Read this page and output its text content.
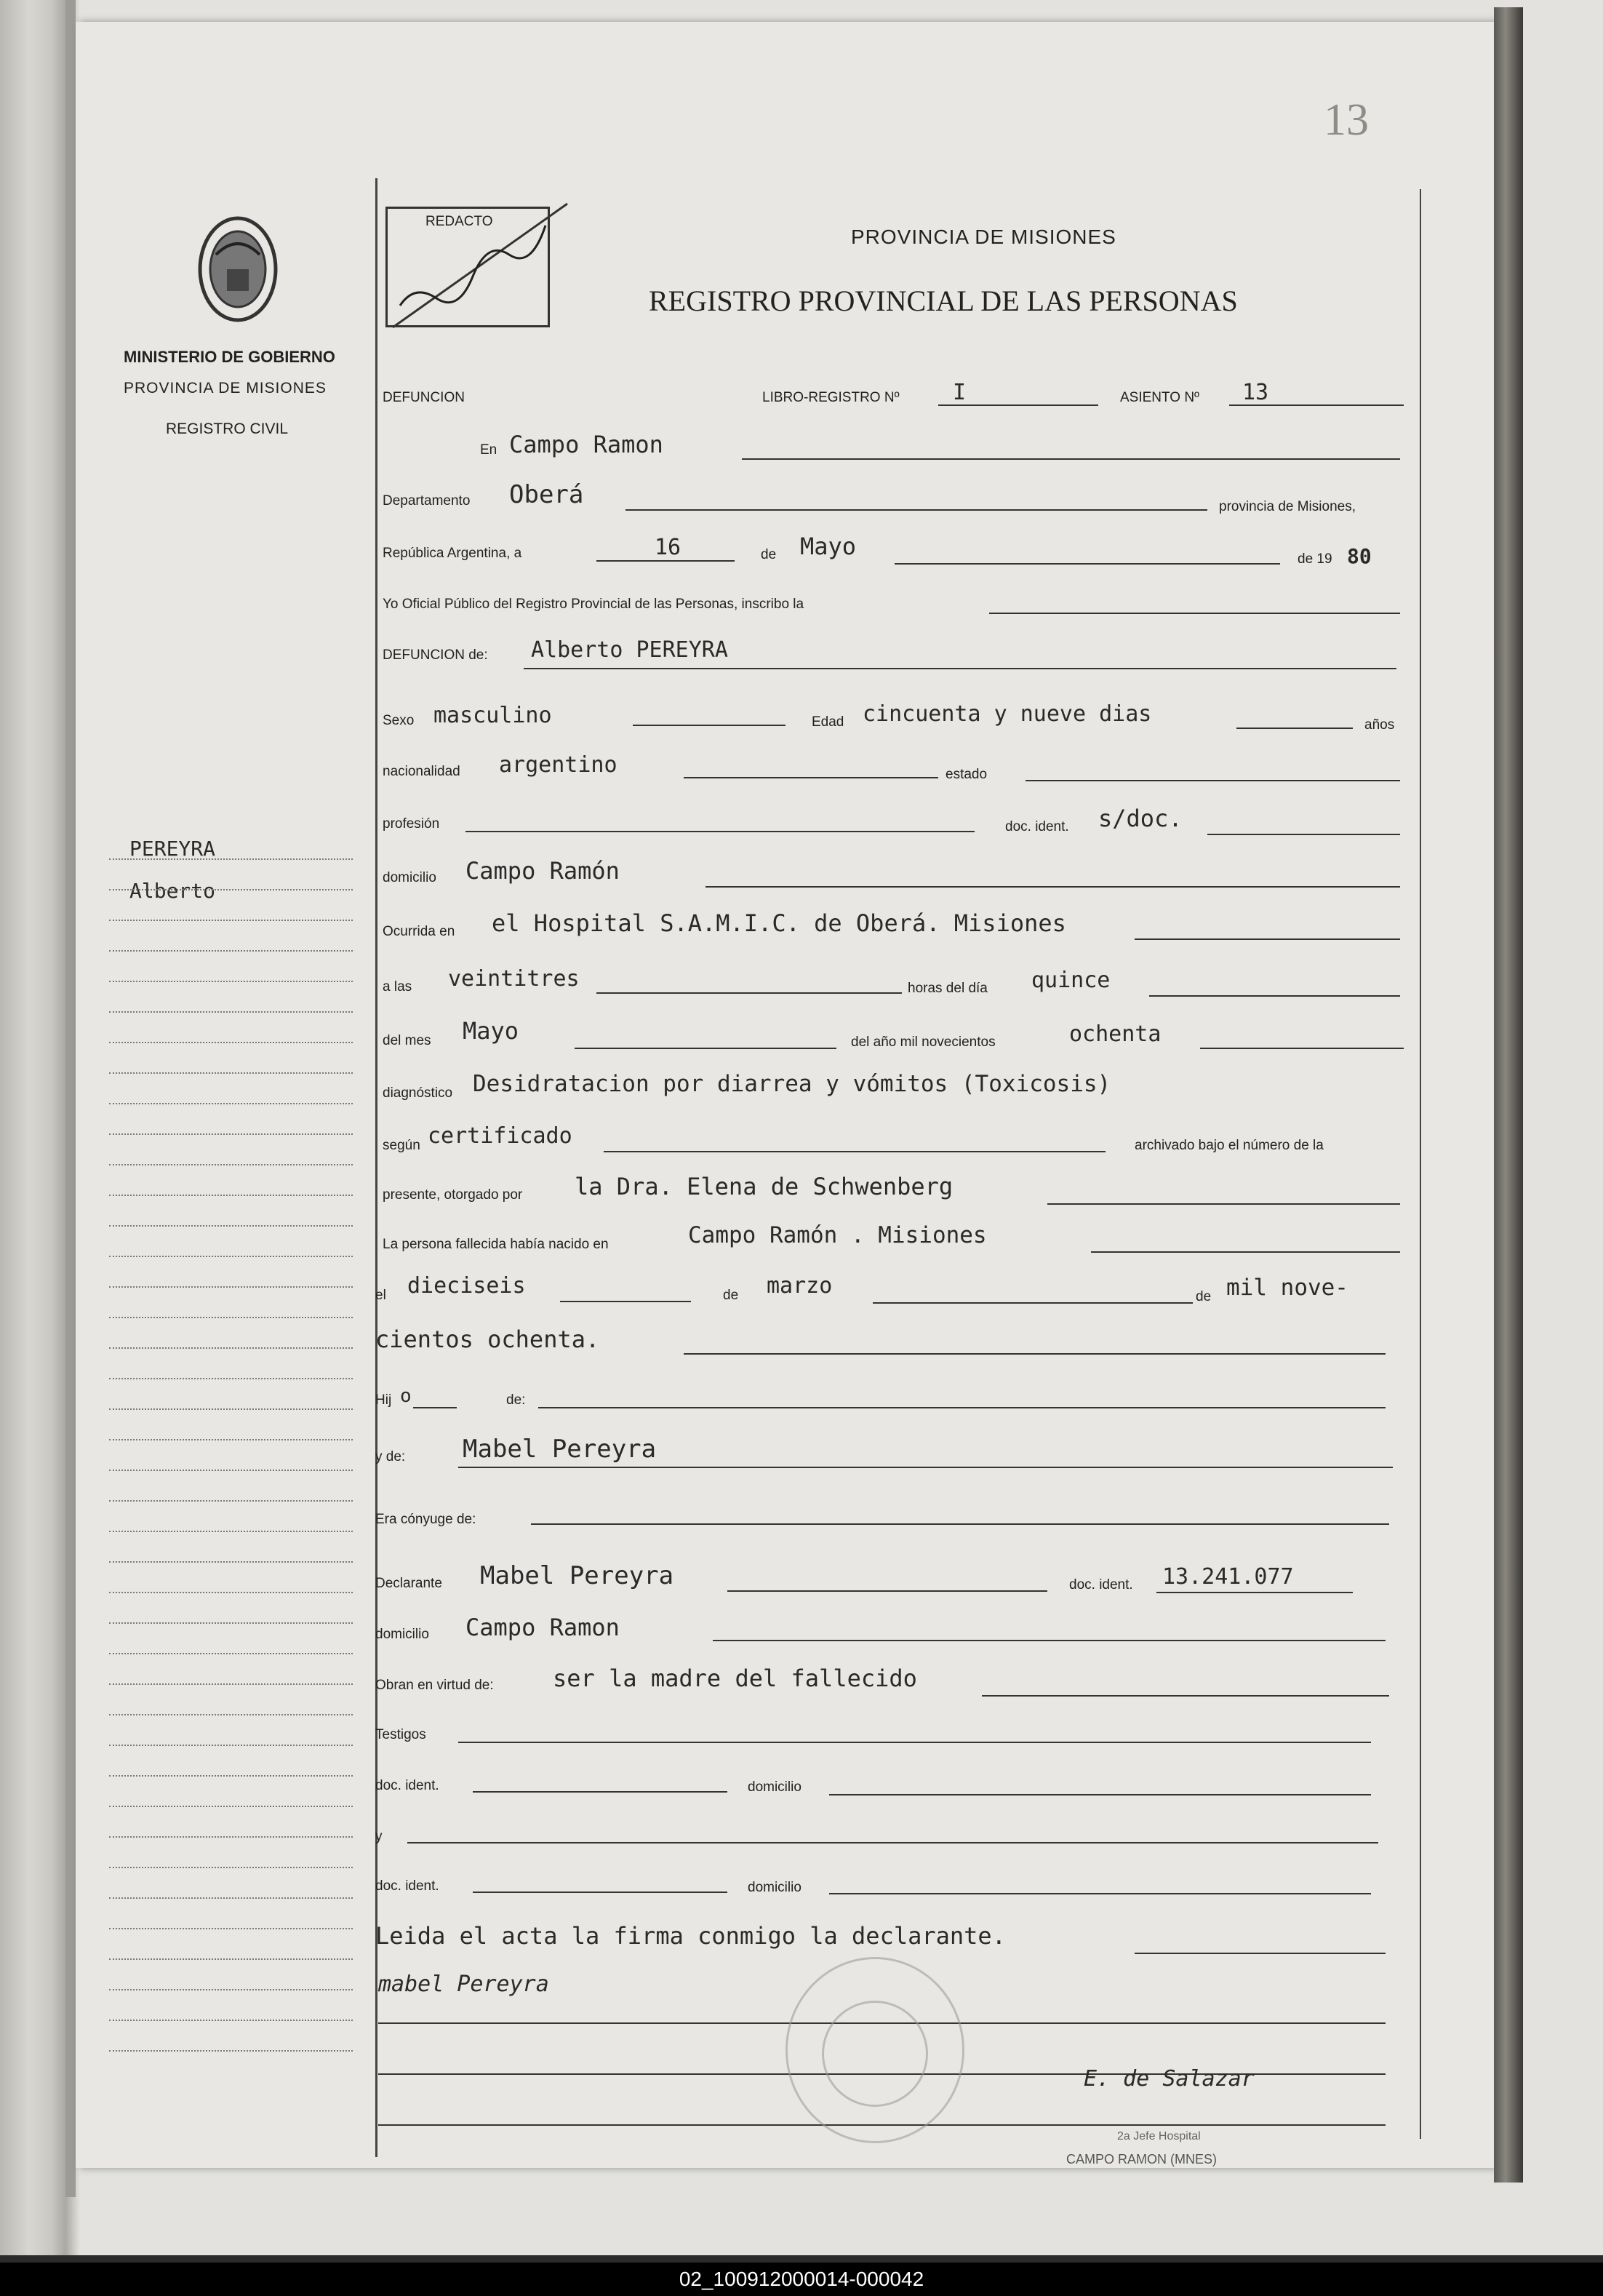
13
MINISTERIO DE GOBIERNO
PROVINCIA DE MISIONES
REGISTRO CIVIL
PEREYRA
Alberto
REDACTO
PROVINCIA DE MISIONES
REGISTRO PROVINCIAL DE LAS PERSONAS
DEFUNCION	LIBRO-REGISTRO Nº I	ASIENTO Nº 13
En Campo Ramon
Departamento Oberá	provincia de Misiones,
República Argentina, a	16	de Mayo	de 19 80
Yo Oficial Público del Registro Provincial de las Personas, inscribo la
DEFUNCION de: Alberto PEREYRA
Sexo masculino	Edad cincuenta y nueve dias	años
nacionalidad argentino	estado
profesión	doc. ident. s/doc.
domicilio Campo Ramón
Ocurrida en el Hospital S.A.M.I.C. de Oberá. Misiones
a las veintitres	horas del día quince
del mes Mayo	del año mil novecientos	ochenta
diagnóstico Desidratacion por diarrea y vómitos (Toxicosis)
según certificado	archivado bajo el número de la
presente, otorgado por la Dra. Elena de Schwenberg
La persona fallecida había nacido en	Campo Ramón . Misiones
el dieciseis	de marzo	de mil nove-
cientos ochenta.
Hij o	de:
y de: Mabel Pereyra
Era cónyuge de:
Declarante Mabel Pereyra	doc. ident. 13.241.077
domicilio Campo Ramon
Obran en virtud de:	ser la madre del fallecido
Testigos
doc. ident.	domicilio
y
doc. ident.	domicilio
Leida el acta la firma conmigo la declarante.
mabel Pereyra
E. de Salazar
2a Jefe Hospital
CAMPO RAMON (MNES)
02_100912000014-000042
